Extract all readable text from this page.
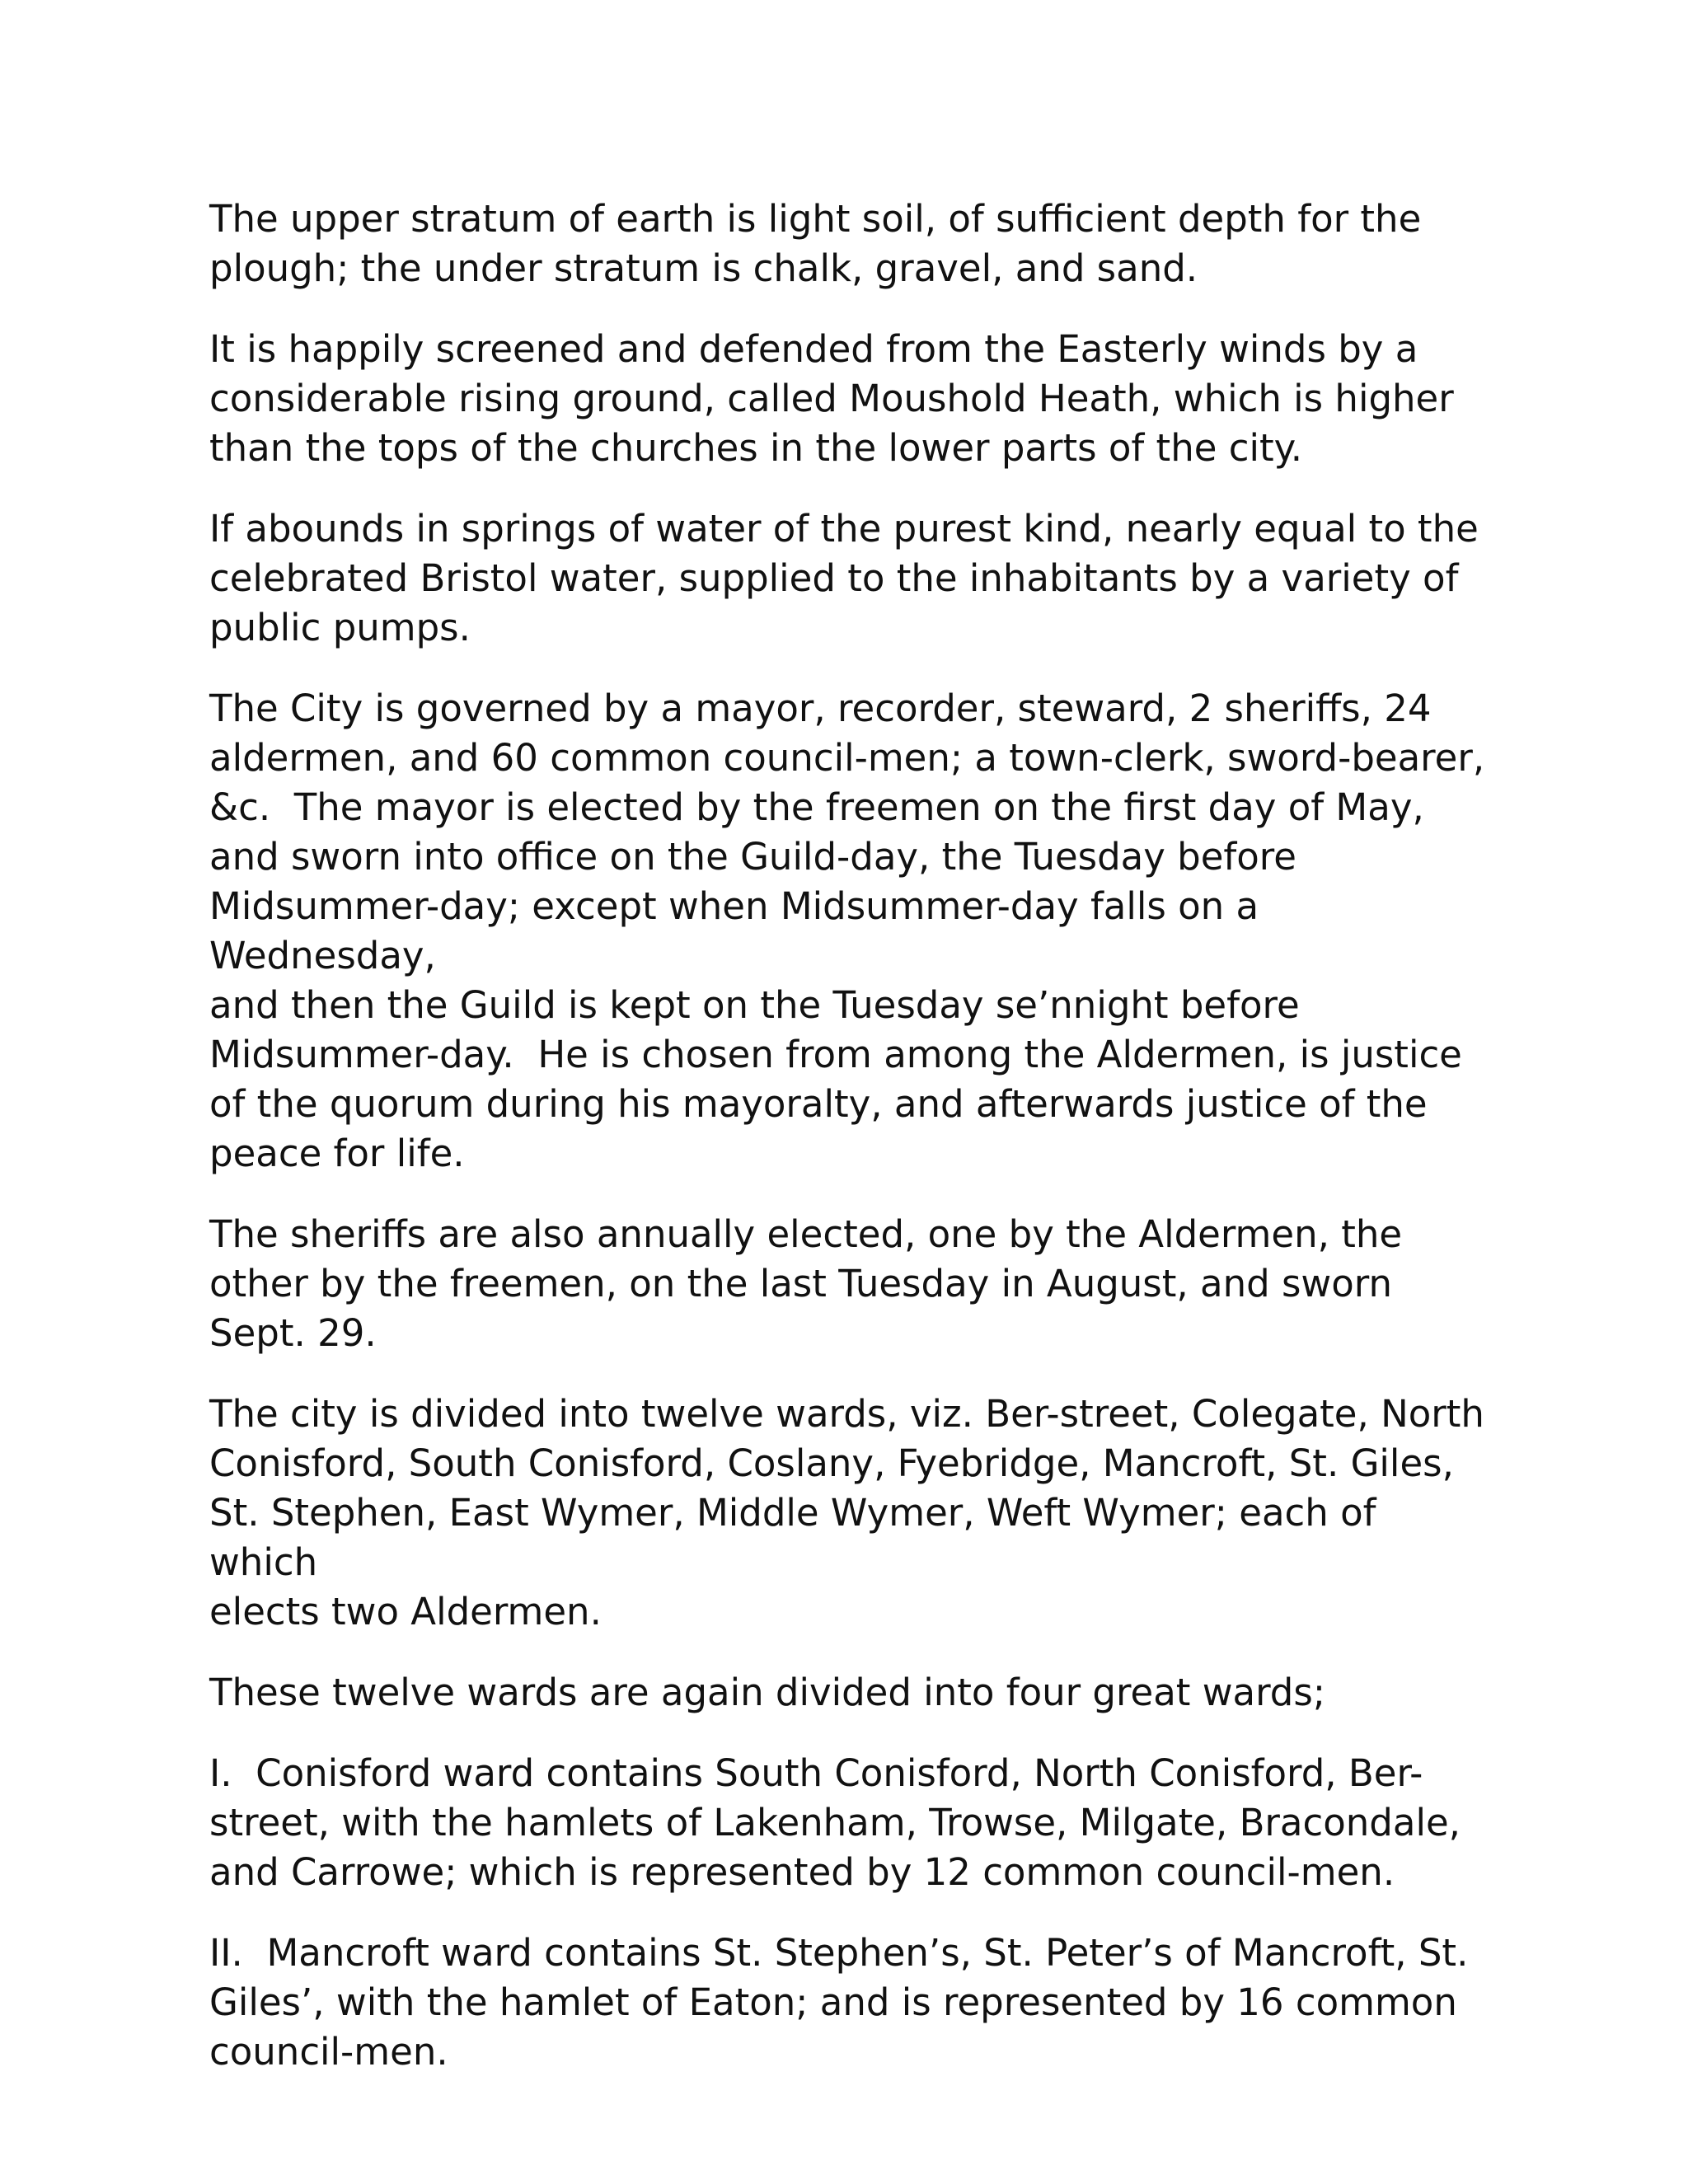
The upper stratum of earth is light soil, of sufficient depth for the
plough; the under stratum is chalk, gravel, and sand.

It is happily screened and defended from the Easterly winds by a
considerable rising ground, called Moushold Heath, which is higher
than the tops of the churches in the lower parts of the city.

If abounds in springs of water of the purest kind, nearly equal to the
celebrated Bristol water, supplied to the inhabitants by a variety of
public pumps.

The City is governed by a mayor, recorder, steward, 2 sheriffs, 24
aldermen, and 60 common council-men; a town-clerk, sword-bearer,
&c.  The mayor is elected by the freemen on the first day of May,
and sworn into office on the Guild-day, the Tuesday before
Midsummer-day; except when Midsummer-day falls on a Wednesday,
and then the Guild is kept on the Tuesday se’nnight before
Midsummer-day.  He is chosen from among the Aldermen, is justice
of the quorum during his mayoralty, and afterwards justice of the
peace for life.

The sheriffs are also annually elected, one by the Aldermen, the
other by the freemen, on the last Tuesday in August, and sworn
Sept. 29.

The city is divided into twelve wards, viz. Ber-street, Colegate, North
Conisford, South Conisford, Coslany, Fyebridge, Mancroft, St. Giles,
St. Stephen, East Wymer, Middle Wymer, Weft Wymer; each of which
elects two Aldermen.

These twelve wards are again divided into four great wards;

I.  Conisford ward contains South Conisford, North Conisford, Ber-
street, with the hamlets of Lakenham, Trowse, Milgate, Bracondale,
and Carrowe; which is represented by 12 common council-men.

II.  Mancroft ward contains St. Stephen’s, St. Peter’s of Mancroft, St.
Giles’, with the hamlet of Eaton; and is represented by 16 common
council-men.
